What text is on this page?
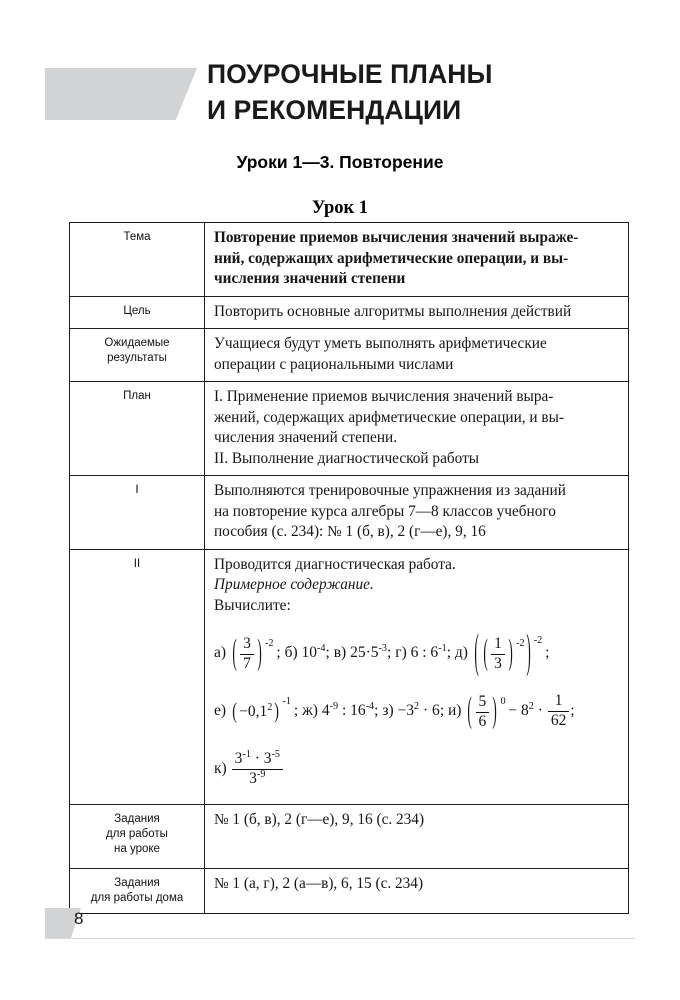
ПОУРОЧНЫЕ ПЛАНЫ
И РЕКОМЕНДАЦИИ
Уроки 1—3. Повторение
Урок 1
Тема	Повторение приемов вычисления значений выраже-
ний, содержащих арифметические операции, и вы-
числения значений степени

Цель	Повторить основные алгоритмы выполнения действий

Ожидаемые
результаты	Учащиеся будут уметь выполнять арифметические
операции с рациональными числами

План	I. Применение приемов вычисления значений выра-
жений, содержащих арифметические операции, и вы-
числения значений степени.
II. Выполнение диагностической работы

I	Выполняются тренировочные упражнения из заданий
на повторение курса алгебры 7—8 классов учебного
пособия (с. 234): № 1 (б, в), 2 (г—е), 9, 16

II	Проводится диагностическая работа.
Примерное содержание.
Вычислите:
а) ( $\frac{3}{7}$ ) -2 ; б) $10^{-4}$; в) $25\cdot 5^{-3}$; г) 6 : $6^{-1}$; д) ( ( $\frac{1}{3}$ ) -2) -2 ;
е) ( $-0,1^2$ ) -1 ; ж) $4^{-9}$ : $16^{-4}$; $з) -3^2 \cdot 6$; и) ( $\frac{5}{6}$ ) $0 - 8^2 \cdot \frac{1}{62}$ ;
$к) \frac{3^{-1} \cdot 3^{-5}}{3^{-9}}$

Задания
для работы
на уроке	№ 1 (б, в), 2 (г—е), 9, 16 (с. 234)

Задания
для работы дома	№ 1 (а, г), 2 (а—в), 6, 15 (с. 234)
8
